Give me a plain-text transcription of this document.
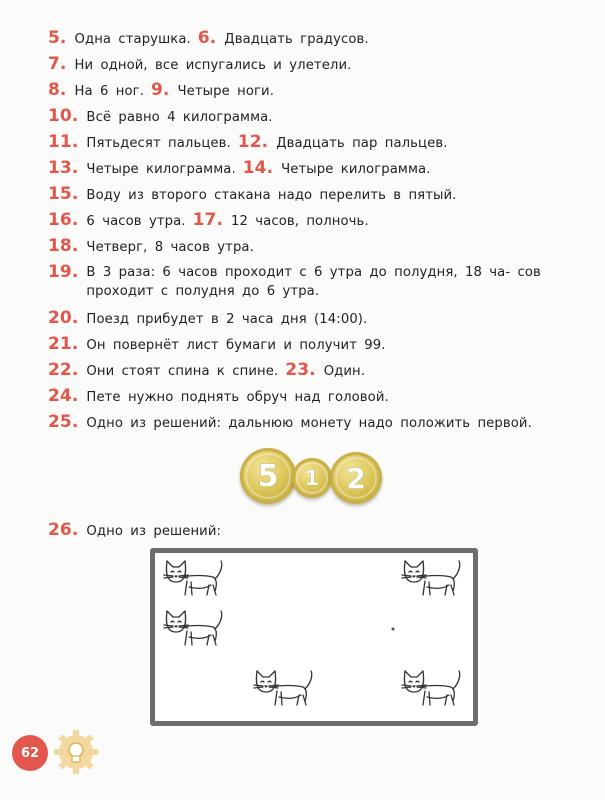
5. Одна старушка. 6. Двадцать градусов.
7. Ни одной, все испугались и улетели.
8. На 6 ног. 9. Четыре ноги.
10. Всё равно 4 килограмма.
11. Пятьдесят пальцев. 12. Двадцать пар пальцев.
13. Четыре килограмма. 14. Четыре килограмма.
15. Воду из второго стакана надо перелить в пятый.
16. 6 часов утра. 17. 12 часов, полночь.
18. Четверг, 8 часов утра.
19. В 3 раза: 6 часов проходит с 6 утра до полудня, 18 ча- сов проходит с полудня до 6 утра.
20. Поезд прибудет в 2 часа дня (14:00).
21. Он повернёт лист бумаги и получит 99.
22. Они стоят спина к спине. 23. Один.
24. Пете нужно поднять обруч над головой.
25. Одно из решений: дальнюю монету надо положить первой.
5	1 2
26. Одно из решений:
62
